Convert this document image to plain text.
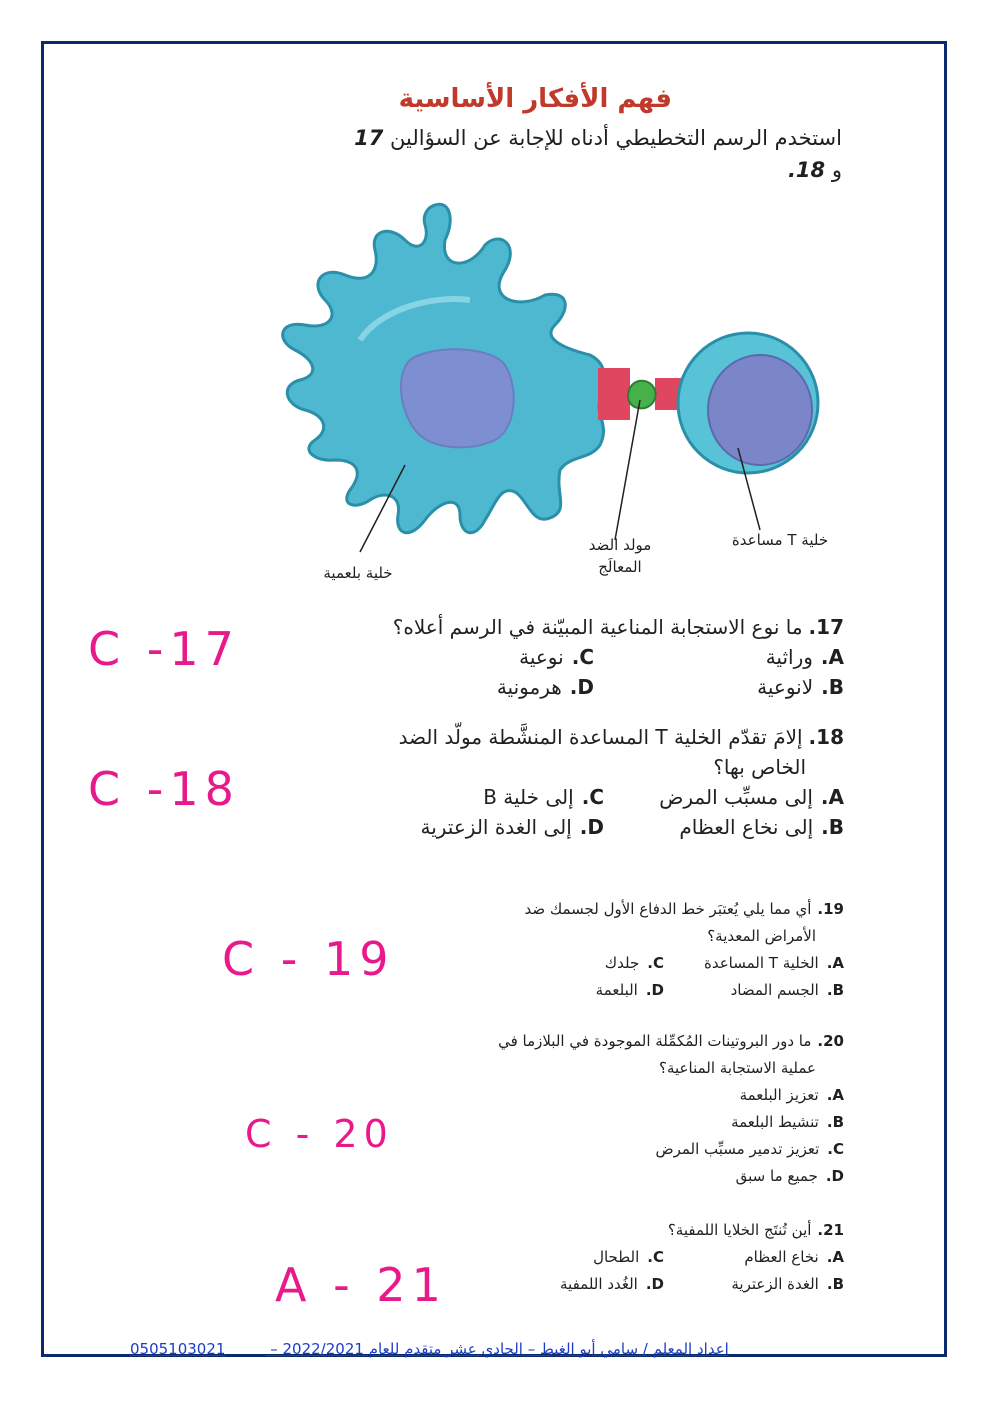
فهم الأفكار الأساسية
استخدم الرسم التخطيطي أدناه للإجابة عن السؤالين 17
و 18.
خلية بلعمية
مولد الضد
المعالَج
خلية T مساعدة
17.ما نوع الاستجابة المناعية المبيّنة في الرسم أعلاه؟
A.وراثية
C.نوعية
B.لانوعية
D.هرمونية
18.إلامَ تقدّم الخلية T المساعدة المنشَّطة مولّد الضد
الخاص بها؟
A.إلى مسبِّب المرض
C.إلى خلية B
B.إلى نخاع العظام
D.إلى الغدة الزعترية
19.أي مما يلي يُعتبَر خط الدفاع الأول لجسمك ضد
الأمراض المعدية؟
A.الخلية T المساعدة
C.جلدك
B.الجسم المضاد
D.البلعمة
20.ما دور البروتينات المُكمِّلة الموجودة في البلازما في
عملية الاستجابة المناعية؟
A.تعزيز البلعمة
B.تنشيط البلعمة
C.تعزيز تدمير مسبِّب المرض
D.جميع ما سبق
21.أين تُنتَج الخلايا اللمفية؟
A.نخاع العظام
C.الطحال
B.الغدة الزعترية
D.الغُدد اللمفية
C -17
C -18
C - 19
C - 20
A - 21
اعداد المعلم / سامي أبو الغيط – الحادي عشر متقدم للعام 2022/2021 – 0505103021
